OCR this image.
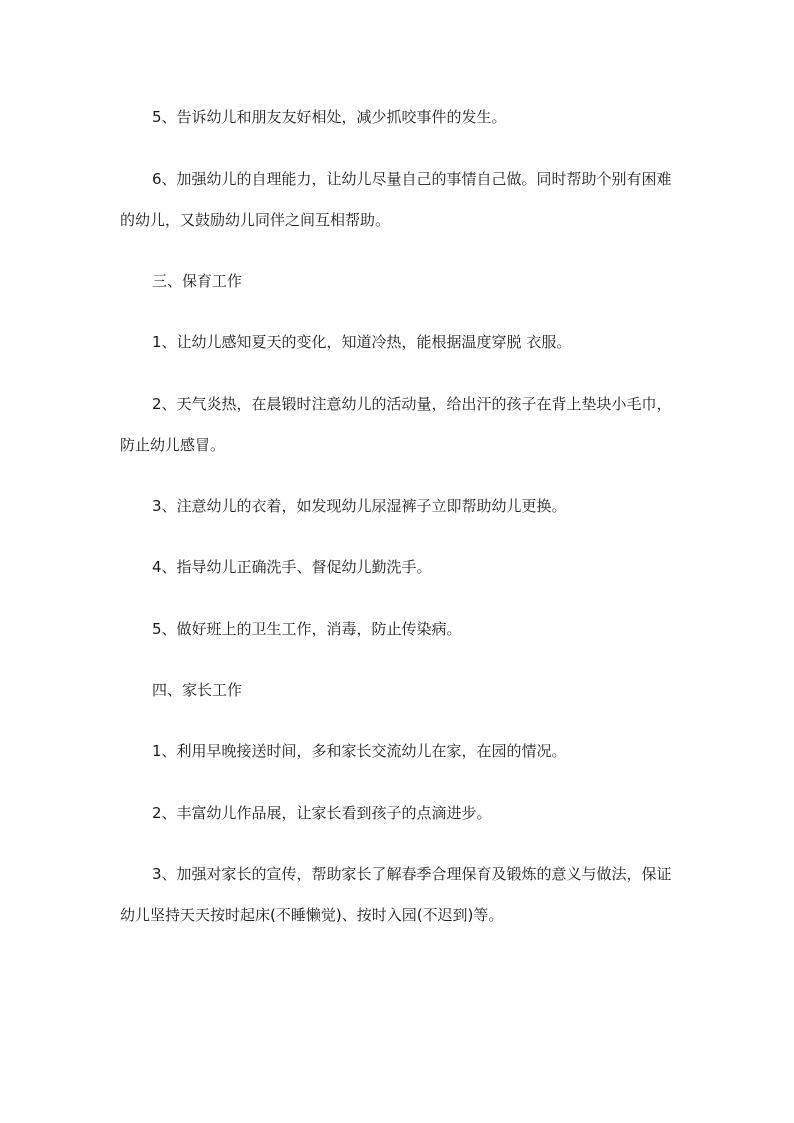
5、告诉幼儿和朋友友好相处，减少抓咬事件的发生。

6、加强幼儿的自理能力，让幼儿尽量自己的事情自己做。同时帮助个别有困难的幼儿，又鼓励幼儿同伴之间互相帮助。

三、保育工作

1、让幼儿感知夏天的变化，知道冷热，能根据温度穿脱 衣服。

2、天气炎热，在晨锻时注意幼儿的活动量，给出汗的孩子在背上垫块小毛巾，防止幼儿感冒。

3、注意幼儿的衣着，如发现幼儿尿湿裤子立即帮助幼儿更换。

4、指导幼儿正确洗手、督促幼儿勤洗手。

5、做好班上的卫生工作，消毒，防止传染病。

四、家长工作

1、利用早晚接送时间，多和家长交流幼儿在家，在园的情况。

2、丰富幼儿作品展，让家长看到孩子的点滴进步。

3、加强对家长的宣传，帮助家长了解春季合理保育及锻炼的意义与做法，保证幼儿坚持天天按时起床(不睡懒觉)、按时入园(不迟到)等。
